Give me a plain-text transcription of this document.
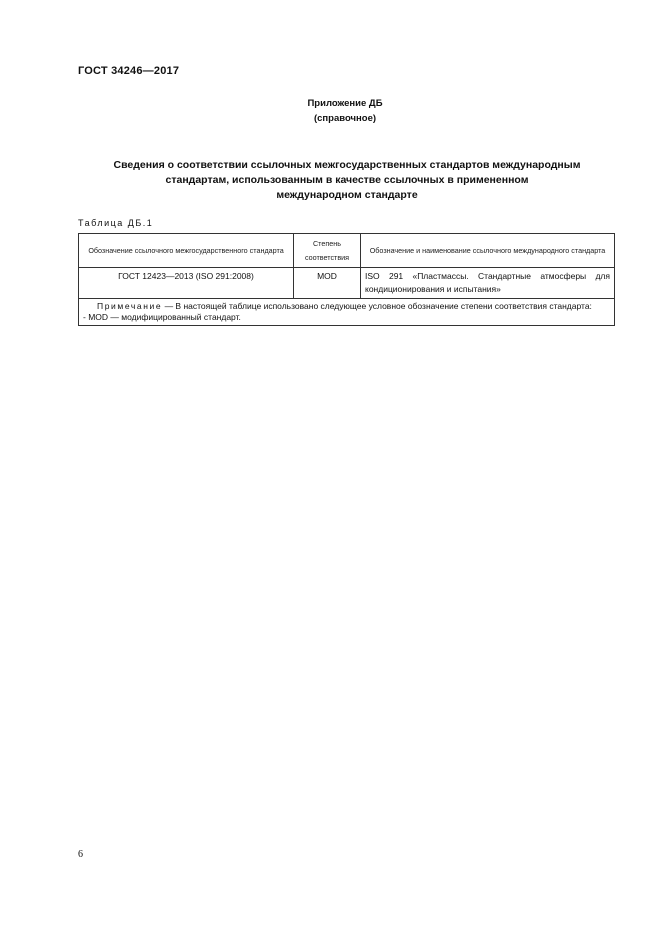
ГОСТ 34246—2017
Приложение ДБ
(справочное)
Сведения о соответствии ссылочных межгосударственных стандартов международным
стандартам, использованным в качестве ссылочных в примененном
международном стандарте
Таблица ДБ.1
Обозначение ссылочного межгосударственного стандарта	Степень соответствия	Обозначение и наименование ссылочного международного стандарта
ГОСТ 12423—2013 (ISO 291:2008)	MOD	ISO 291 «Пластмассы. Стандартные атмосферы для кондиционирования и испытания»

Примечание — В настоящей таблице использовано следующее условное обозначение степени соответствия стандарта:
- MOD — модифицированный стандарт.		
6
